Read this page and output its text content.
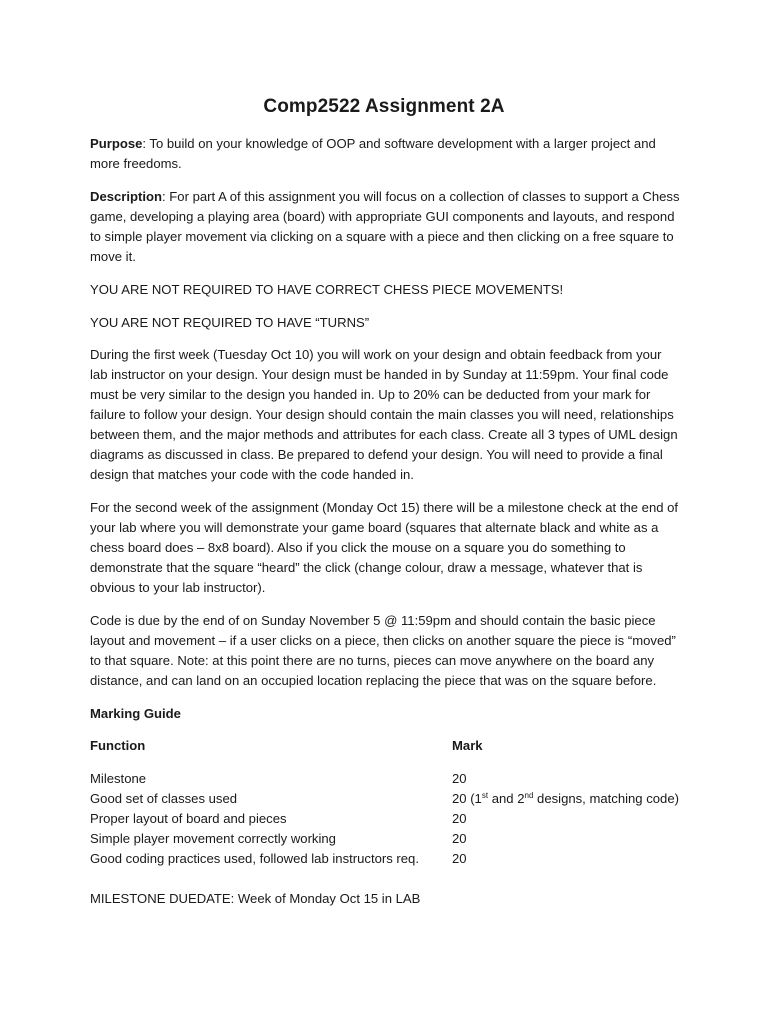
Comp2522 Assignment 2A

Purpose: To build on your knowledge of OOP and software development with a larger project and more freedoms.

Description: For part A of this assignment you will focus on a collection of classes to support a Chess game, developing a playing area (board) with appropriate GUI components and layouts, and respond to simple player movement via clicking on a square with a piece and then clicking on a free square to move it.

YOU ARE NOT REQUIRED TO HAVE CORRECT CHESS PIECE MOVEMENTS!

YOU ARE NOT REQUIRED TO HAVE “TURNS”

During the first week (Tuesday Oct 10) you will work on your design and obtain feedback from your lab instructor on your design. Your design must be handed in by Sunday at 11:59pm. Your final code must be very similar to the design you handed in. Up to 20% can be deducted from your mark for failure to follow your design. Your design should contain the main classes you will need, relationships between them, and the major methods and attributes for each class. Create all 3 types of UML design diagrams as discussed in class. Be prepared to defend your design. You will need to provide a final design that matches your code with the code handed in.

For the second week of the assignment (Monday Oct 15) there will be a milestone check at the end of your lab where you will demonstrate your game board (squares that alternate black and white as a chess board does – 8x8 board). Also if you click the mouse on a square you do something to demonstrate that the square “heard” the click (change colour, draw a message, whatever that is obvious to your lab instructor).

Code is due by the end of on Sunday November 5 @ 11:59pm and should contain the basic piece layout and movement – if a user clicks on a piece, then clicks on another square the piece is “moved” to that square. Note: at this point there are no turns, pieces can move anywhere on the board any distance, and can land on an occupied location replacing the piece that was on the square before.

Marking Guide

Function	Mark
Milestone	20
Good set of classes used	20 (1st and 2nd designs, matching code)
Proper layout of board and pieces	20
Simple player movement correctly working	20
Good coding practices used, followed lab instructors req.	20

MILESTONE DUEDATE: Week of Monday Oct 15 in LAB
